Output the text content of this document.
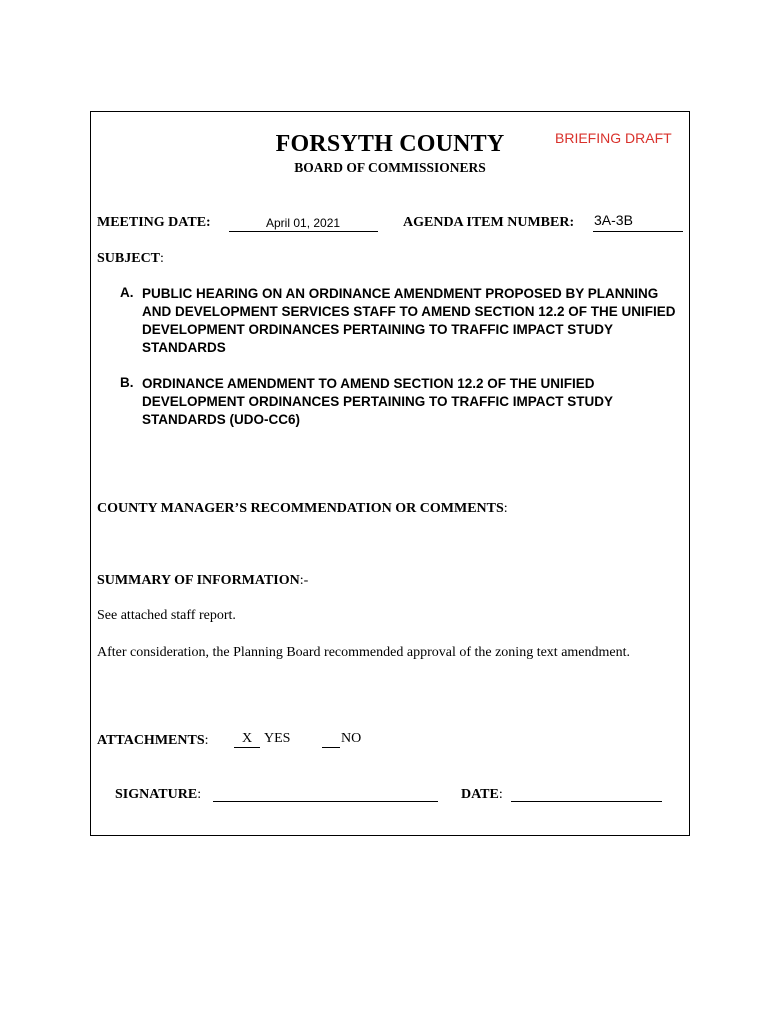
BRIEFING DRAFT
FORSYTH COUNTY
BOARD OF COMMISSIONERS
MEETING DATE:	April 01, 2021	AGENDA ITEM NUMBER: 3A-3B
SUBJECT:
A. PUBLIC HEARING ON AN ORDINANCE AMENDMENT PROPOSED BY PLANNING AND DEVELOPMENT SERVICES STAFF TO AMEND SECTION 12.2 OF THE UNIFIED DEVELOPMENT ORDINANCES PERTAINING TO TRAFFIC IMPACT STUDY STANDARDS
B. ORDINANCE AMENDMENT TO AMEND SECTION 12.2 OF THE UNIFIED DEVELOPMENT ORDINANCES PERTAINING TO TRAFFIC IMPACT STUDY STANDARDS (UDO-CC6)
COUNTY MANAGER’S RECOMMENDATION OR COMMENTS:
SUMMARY OF INFORMATION:-
See attached staff report.
After consideration, the Planning Board recommended approval of the zoning text amendment.
ATTACHMENTS:	X YES	NO
SIGNATURE:	DATE:
